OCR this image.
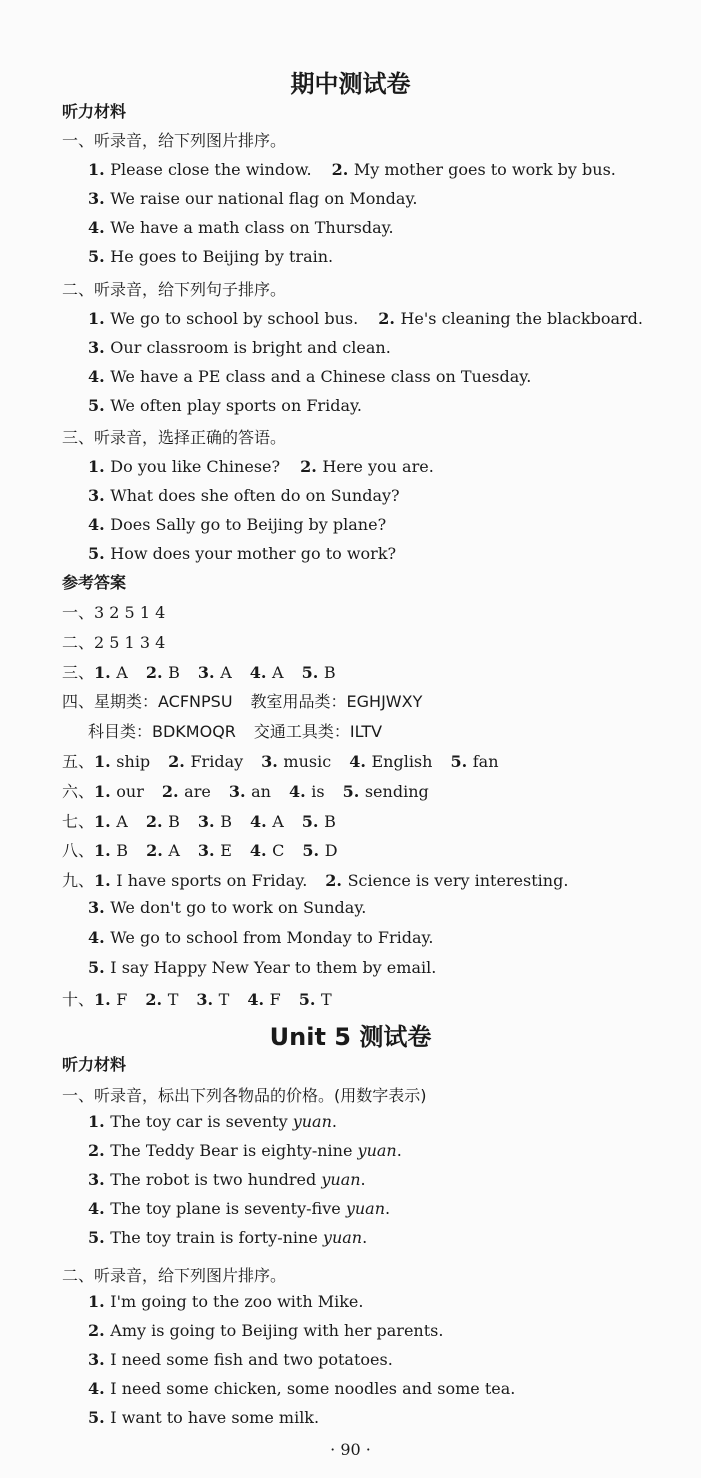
期中测试卷
听力材料
一、听录音，给下列图片排序。
1. Please close the window. 2. My mother goes to work by bus.
3. We raise our national flag on Monday.
4. We have a math class on Thursday.
5. He goes to Beijing by train.
二、听录音，给下列句子排序。
1. We go to school by school bus. 2. He's cleaning the blackboard.
3. Our classroom is bright and clean.
4. We have a PE class and a Chinese class on Tuesday.
5. We often play sports on Friday.
三、听录音，选择正确的答语。
1. Do you like Chinese? 2. Here you are.
3. What does she often do on Sunday?
4. Does Sally go to Beijing by plane?
5. How does your mother go to work?
参考答案
一、3 2 5 1 4
二、2 5 1 3 4
三、1. A 2. B 3. A 4. A 5. B
四、星期类：ACFNPSU 教室用品类：EGHJWXY
科目类：BDKMOQR 交通工具类：ILTV
五、1. ship 2. Friday 3. music 4. English 5. fan
六、1. our 2. are 3. an 4. is 5. sending
七、1. A 2. B 3. B 4. A 5. B
八、1. B 2. A 3. E 4. C 5. D
九、1. I have sports on Friday. 2. Science is very interesting.
3. We don't go to work on Sunday.
4. We go to school from Monday to Friday.
5. I say Happy New Year to them by email.
十、1. F 2. T 3. T 4. F 5. T
Unit 5 测试卷
听力材料
一、听录音，标出下列各物品的价格。(用数字表示)
1. The toy car is seventy yuan.
2. The Teddy Bear is eighty-nine yuan.
3. The robot is two hundred yuan.
4. The toy plane is seventy-five yuan.
5. The toy train is forty-nine yuan.
二、听录音，给下列图片排序。
1. I'm going to the zoo with Mike.
2. Amy is going to Beijing with her parents.
3. I need some fish and two potatoes.
4. I need some chicken, some noodles and some tea.
5. I want to have some milk.
· 90 ·
